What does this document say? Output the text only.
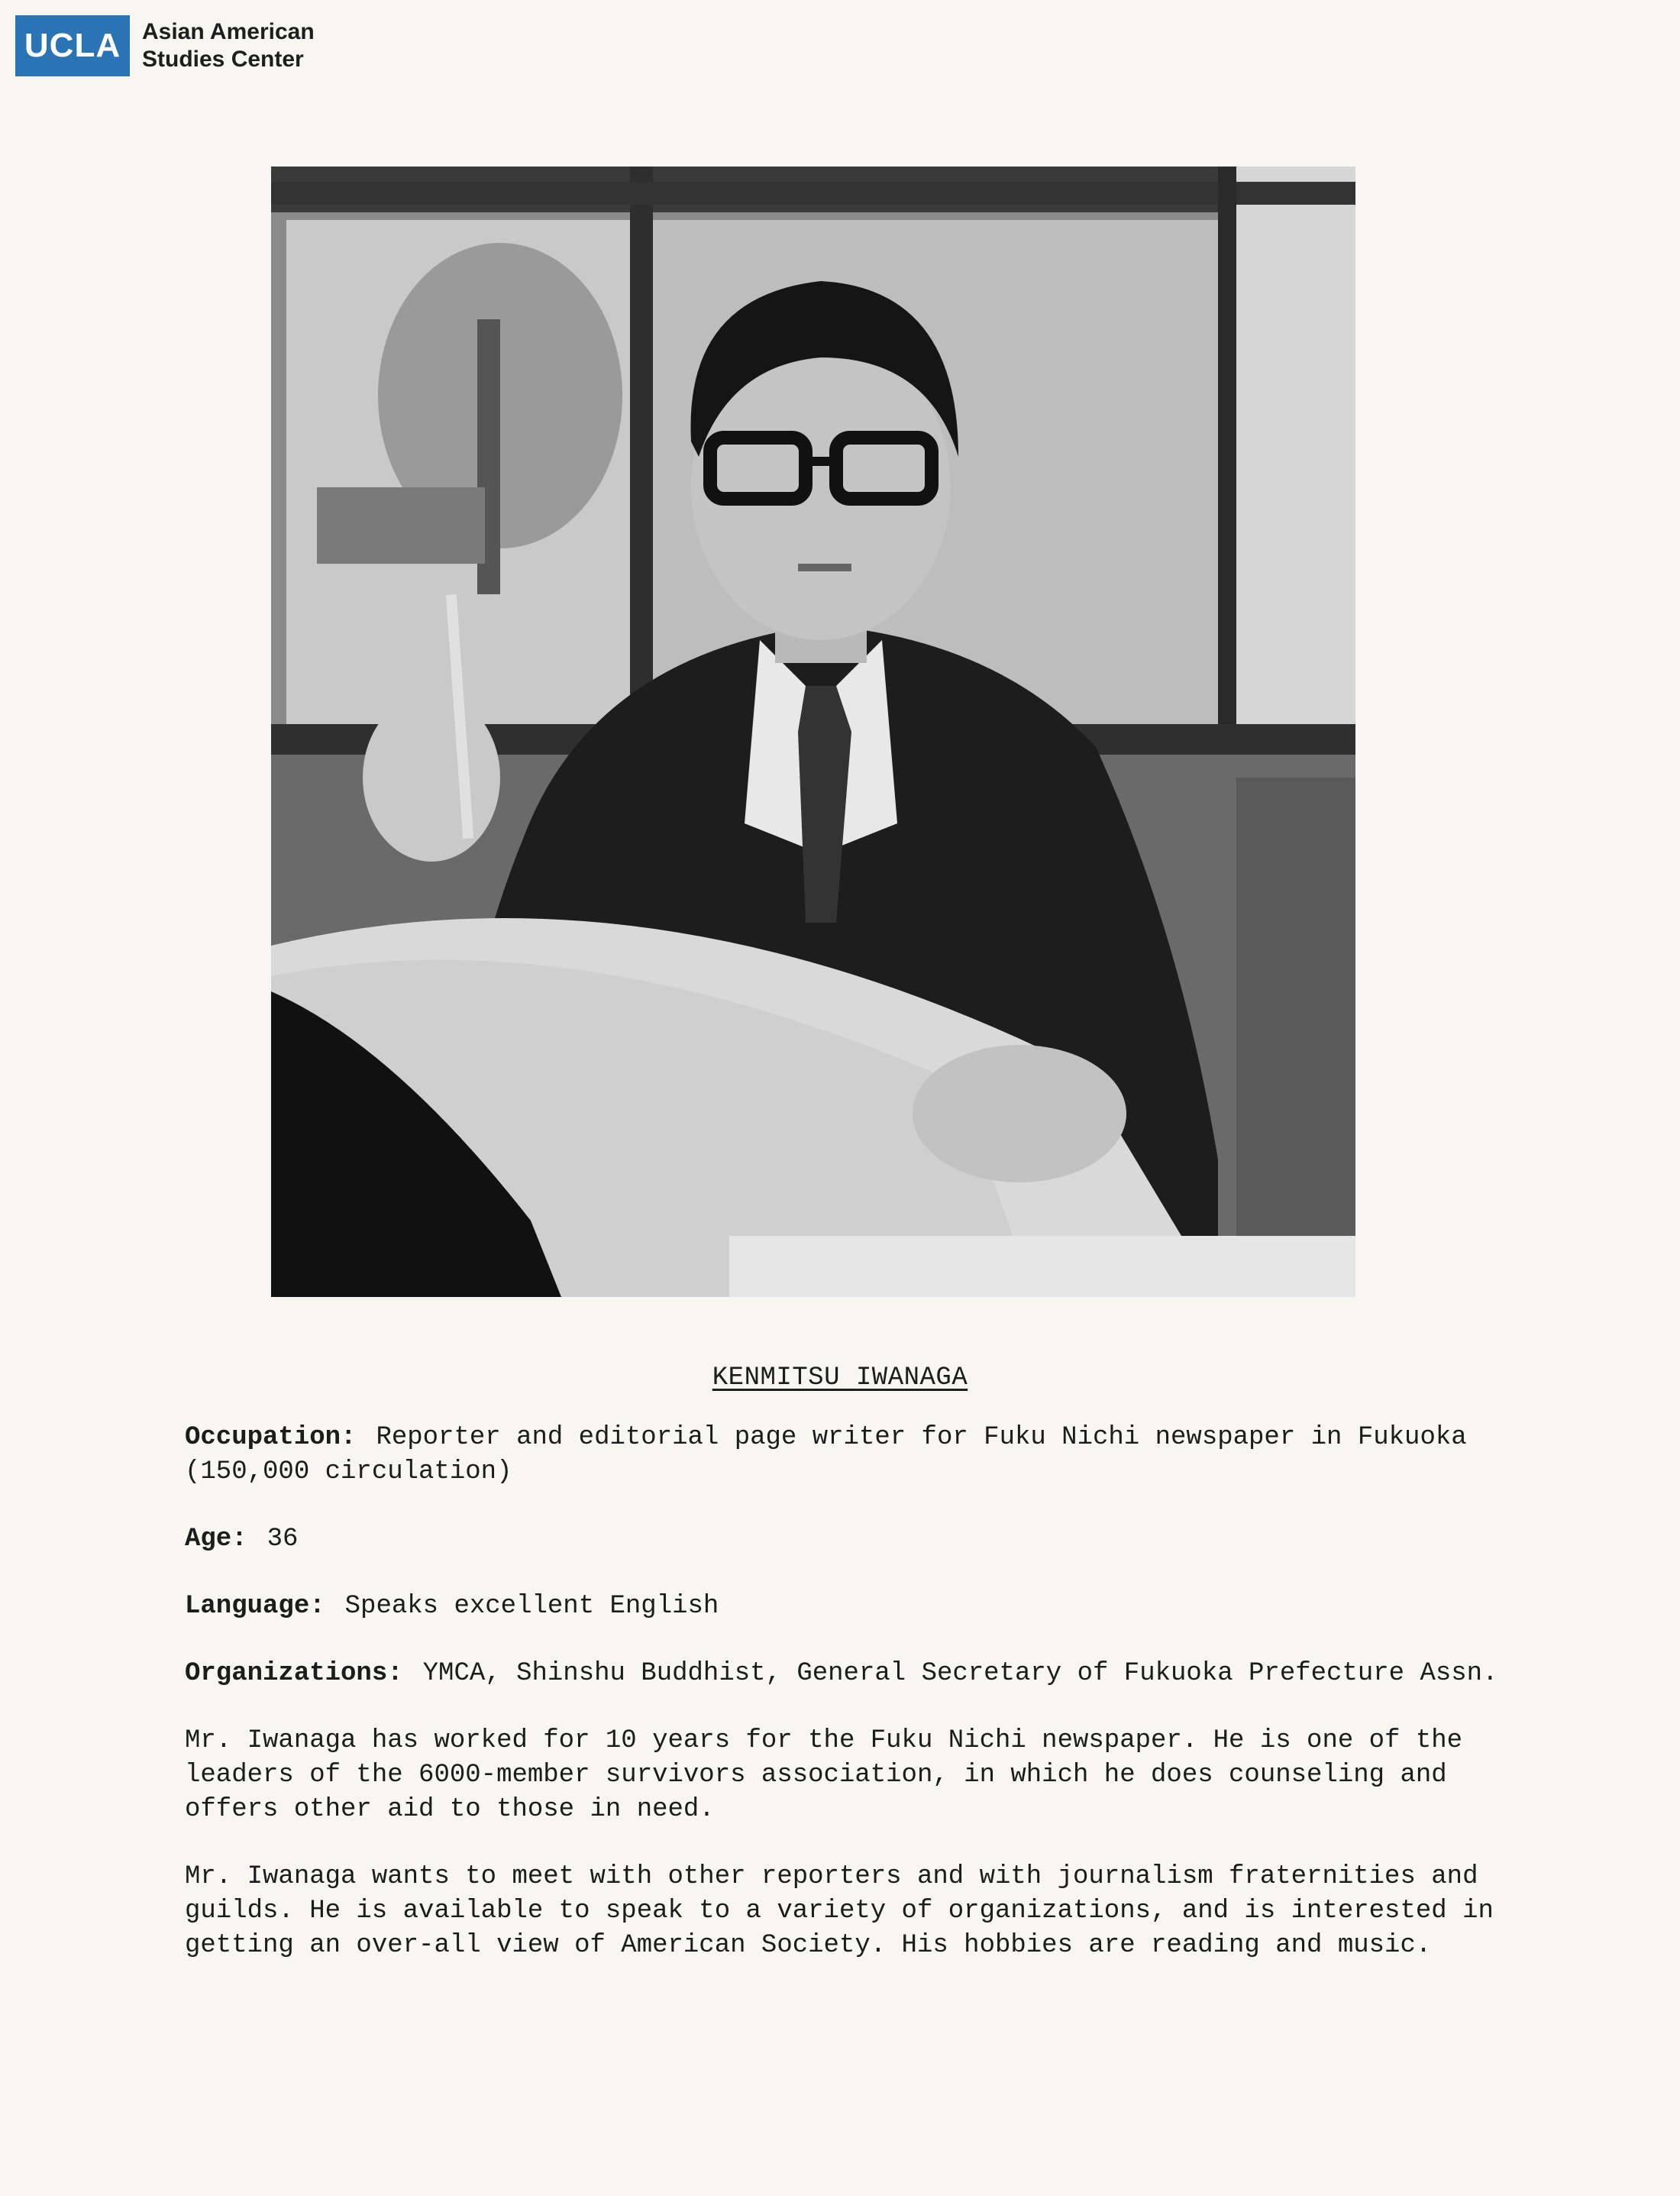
UCLA Asian American
Studies Center
KENMITSU IWANAGA
Occupation: Reporter and editorial page writer for Fuku Nichi newspaper in Fukuoka (150,000 circulation)
Age: 36
Language: Speaks excellent English
Organizations: YMCA, Shinshu Buddhist, General Secretary of Fukuoka Prefecture Assn.
Mr. Iwanaga has worked for 10 years for the Fuku Nichi newspaper. He is one of the leaders of the 6000-member survivors association, in which he does counseling and offers other aid to those in need.
Mr. Iwanaga wants to meet with other reporters and with journalism fraternities and guilds. He is available to speak to a variety of organizations, and is interested in getting an over-all view of American Society. His hobbies are reading and music.
